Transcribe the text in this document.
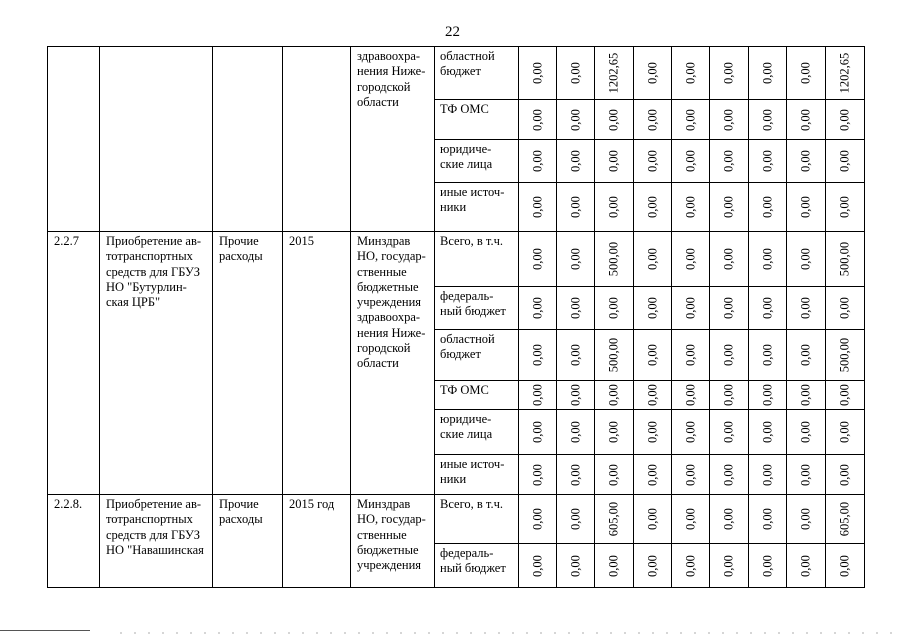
22
				здравоохра-нения Ниже-городской области	областной бюджет	0,00	0,00	1202,65	0,00	0,00	0,00	0,00	0,00	1202,65

					ТФ ОМС	0,00	0,00	0,00	0,00	0,00	0,00	0,00	0,00	0,00

					юридиче-ские лица	0,00	0,00	0,00	0,00	0,00	0,00	0,00	0,00	0,00

					иные источ-ники	0,00	0,00	0,00	0,00	0,00	0,00	0,00	0,00	0,00

2.2.7	Приобретение ав-тотранспортных средств для ГБУЗ НО "Бутурлин-ская ЦРБ"	Прочие расходы	2015	Минздрав НО, государ-ственные бюджетные учреждения здравоохра-нения Ниже-городской области	Всего, в т.ч.	0,00	0,00	500,00	0,00	0,00	0,00	0,00	0,00	500,00

					федераль-ный бюджет	0,00	0,00	0,00	0,00	0,00	0,00	0,00	0,00	0,00

					областной бюджет	0,00	0,00	500,00	0,00	0,00	0,00	0,00	0,00	500,00

					ТФ ОМС	0,00	0,00	0,00	0,00	0,00	0,00	0,00	0,00	0,00

					юридиче-ские лица	0,00	0,00	0,00	0,00	0,00	0,00	0,00	0,00	0,00

					иные источ-ники	0,00	0,00	0,00	0,00	0,00	0,00	0,00	0,00	0,00

2.2.8.	Приобретение ав-тотранспортных средств для ГБУЗ НО "Навашинская	Прочие расходы	2015 год	Минздрав НО, государ-ственные бюджетные учреждения	Всего, в т.ч.	0,00	0,00	605,00	0,00	0,00	0,00	0,00	0,00	605,00

					федераль-ный бюджет	0,00	0,00	0,00	0,00	0,00	0,00	0,00	0,00	0,00
